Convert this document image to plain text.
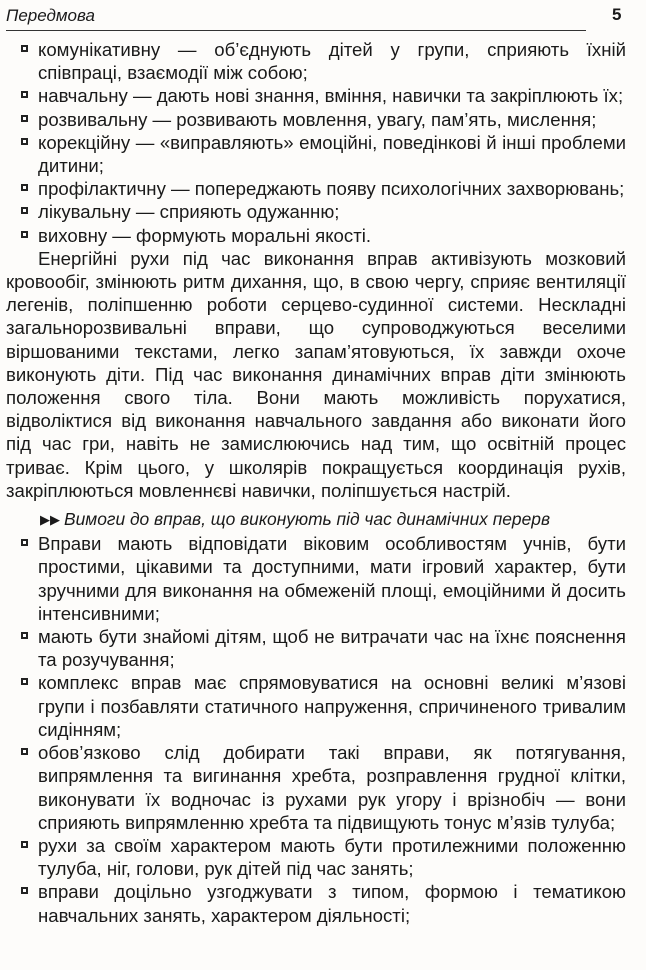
Передмова	5
комунікативну — об’єднують дітей у групи, сприяють їхній співпраці, взаємодії між собою;
навчальну — дають нові знання, вміння, навички та закріплюють їх;
розвивальну — розвивають мовлення, увагу, пам’ять, мислення;
корекційну — «виправляють» емоційні, поведінкові й інші проблеми дитини;
профілактичну — попереджають появу психологічних захворювань;
лікувальну — сприяють одужанню;
виховну — формують моральні якості.

Енергійні рухи під час виконання вправ активізують мозковий кровообіг, змінюють ритм дихання, що, в свою чергу, сприяє вентиляції легенів, поліпшенню роботи серцево-судинної системи. Нескладні загальнорозвивальні вправи, що супроводжуються веселими віршованими текстами, легко запам’ятовуються, їх завжди охоче виконують діти. Під час виконання динамічних вправ діти змінюють положення свого тіла. Вони мають можливість порухатися, відволіктися від виконання навчального завдання або виконати його під час гри, навіть не замислюючись над тим, що освітній процес триває. Крім цього, у школярів покращується координація рухів, закріплюються мовленнєві навички, поліпшується настрій.

▶▶ Вимоги до вправ, що виконують під час динамічних перерв
Вправи мають відповідати віковим особливостям учнів, бути простими, цікавими та доступними, мати ігровий характер, бути зручними для виконання на обмеженій площі, емоційними й досить інтенсивними;
мають бути знайомі дітям, щоб не витрачати час на їхнє пояснення та розучування;
комплекс вправ має спрямовуватися на основні великі м’язові групи і позбавляти статичного напруження, спричиненого тривалим сидінням;
обов’язково слід добирати такі вправи, як потягування, випрямлення та вигинання хребта, розправлення грудної клітки, виконувати їх водночас із рухами рук угору і врізнобіч — вони сприяють випрямленню хребта та підвищують тонус м’язів тулуба;
рухи за своїм характером мають бути протилежними положенню тулуба, ніг, голови, рук дітей під час занять;
вправи доцільно узгоджувати з типом, формою і тематикою навчальних занять, характером діяльності;
